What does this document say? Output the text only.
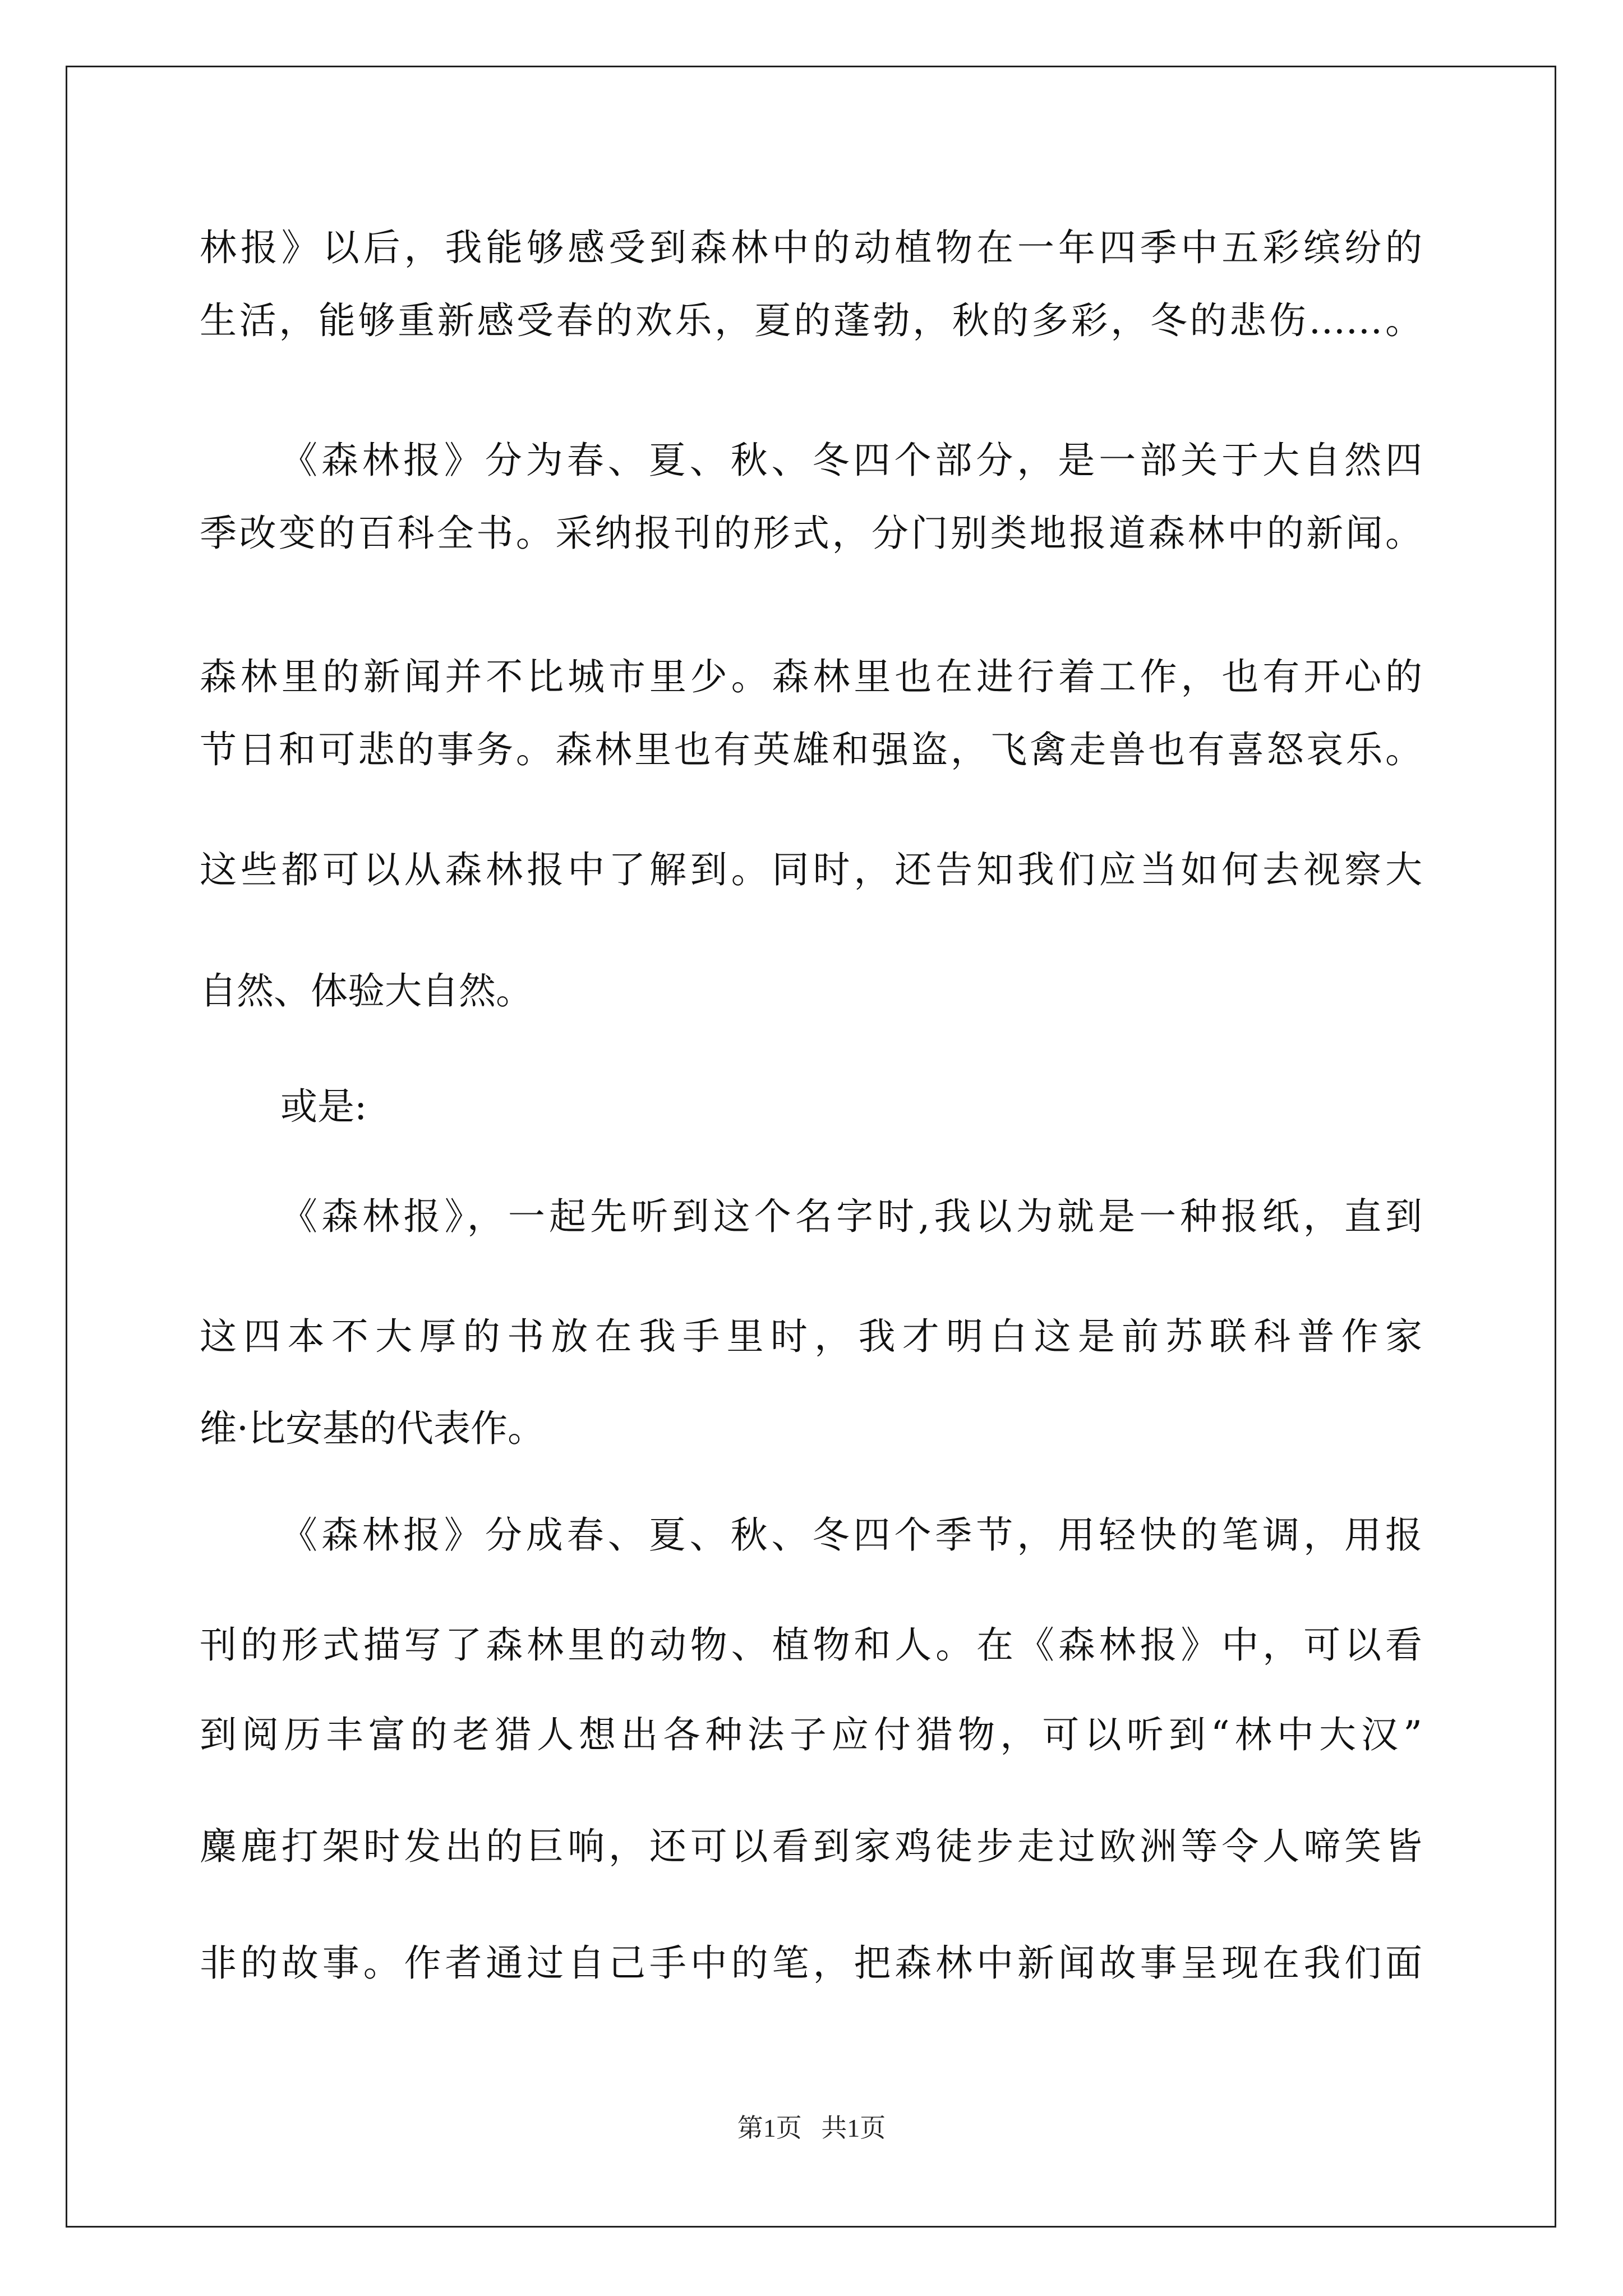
林报》以后，我能够感受到森林中的动植物在一年四季中五彩缤纷的
生活，能够重新感受春的欢乐，夏的蓬勃，秋的多彩，冬的悲伤……。
《森林报》分为春、夏、秋、冬四个部分，是一部关于大自然四
季改变的百科全书。采纳报刊的形式，分门别类地报道森林中的新闻。
森林里的新闻并不比城市里少。森林里也在进行着工作，也有开心的
节日和可悲的事务。森林里也有英雄和强盗，飞禽走兽也有喜怒哀乐。
这些都可以从森林报中了解到。同时，还告知我们应当如何去视察大
自然、体验大自然。
或是:
《森林报》，一起先听到这个名字时,我以为就是一种报纸，直到
这四本不大厚的书放在我手里时，我才明白这是前苏联科普作家
维·比安基的代表作。
《森林报》分成春、夏、秋、冬四个季节，用轻快的笔调，用报
刊的形式描写了森林里的动物、植物和人。在《森林报》中，可以看
到阅历丰富的老猎人想出各种法子应付猎物，可以听到“林中大汉”
麋鹿打架时发出的巨响，还可以看到家鸡徒步走过欧洲等令人啼笑皆
非的故事。作者通过自己手中的笔，把森林中新闻故事呈现在我们面
第1页   共1页
